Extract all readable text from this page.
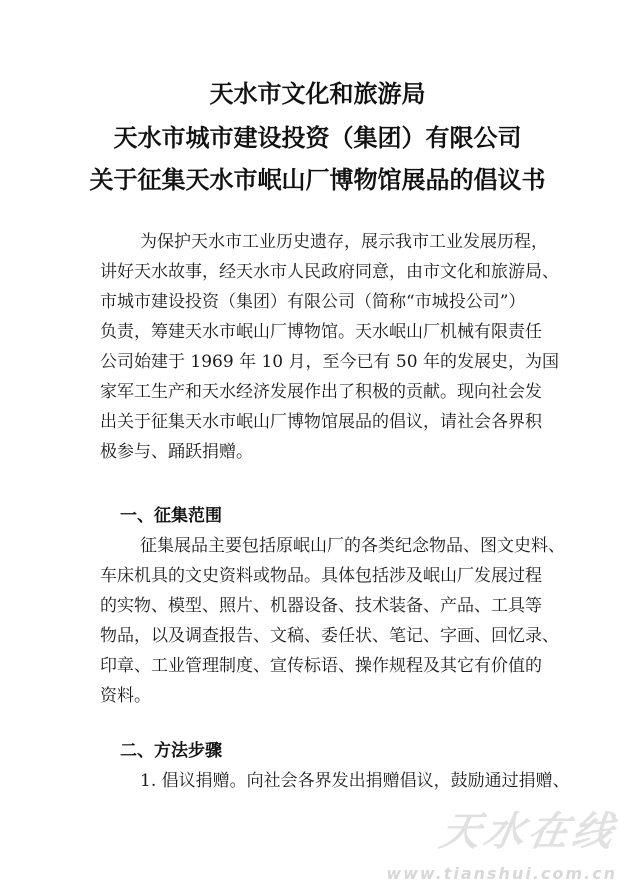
天水市文化和旅游局
天水市城市建设投资（集团）有限公司
关于征集天水市岷山厂博物馆展品的倡议书
为保护天水市工业历史遗存，展示我市工业发展历程，
讲好天水故事，经天水市人民政府同意，由市文化和旅游局、
市城市建设投资（集团）有限公司（简称“市城投公司”）
负责，筹建天水市岷山厂博物馆。天水岷山厂机械有限责任
公司始建于 1969 年 10 月，至今已有 50 年的发展史，为国
家军工生产和天水经济发展作出了积极的贡献。现向社会发
出关于征集天水市岷山厂博物馆展品的倡议，请社会各界积
极参与、踊跃捐赠。
一、征集范围
征集展品主要包括原岷山厂的各类纪念物品、图文史料、
车床机具的文史资料或物品。具体包括涉及岷山厂发展过程
的实物、模型、照片、机器设备、技术装备、产品、工具等
物品，以及调查报告、文稿、委任状、笔记、字画、回忆录、
印章、工业管理制度、宣传标语、操作规程及其它有价值的
资料。
二、方法步骤
1. 倡议捐赠。向社会各界发出捐赠倡议，鼓励通过捐赠、
天水在线
www.tianshui.com.cn
